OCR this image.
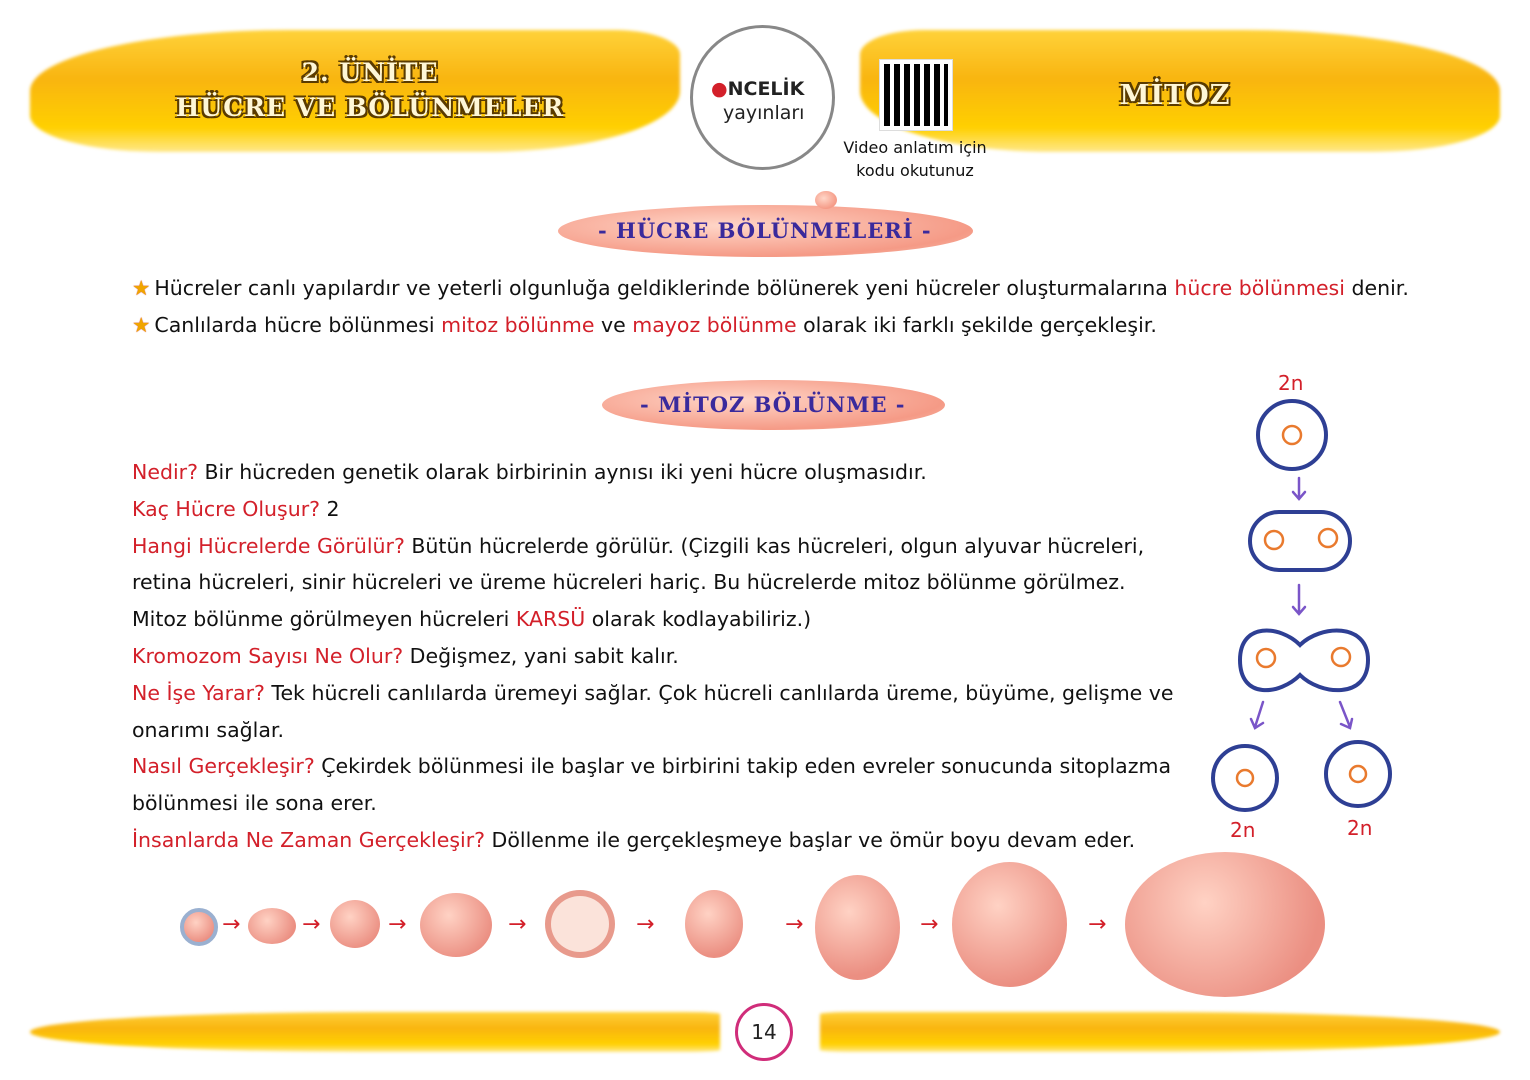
2. ÜNİTE
HÜCRE VE BÖLÜNMELER	MİTOZ
●NCELİK
yayınları
Video anlatım için
kodu okutunuz
- HÜCRE BÖLÜNMELERİ -
★ Hücreler canlı yapılardır ve yeterli olgunluğa geldiklerinde bölünerek yeni hücreler oluşturmalarına hücre bölünmesi denir.
★ Canlılarda hücre bölünmesi mitoz bölünme ve mayoz bölünme olarak iki farklı şekilde gerçekleşir.
- MİTOZ BÖLÜNME -
Nedir? Bir hücreden genetik olarak birbirinin aynısı iki yeni hücre oluşmasıdır.
Kaç Hücre Oluşur? 2
Hangi Hücrelerde Görülür? Bütün hücrelerde görülür. (Çizgili kas hücreleri, olgun alyuvar hücreleri,
retina hücreleri, sinir hücreleri ve üreme hücreleri hariç. Bu hücrelerde mitoz bölünme görülmez.
Mitoz bölünme görülmeyen hücreleri KARSÜ olarak kodlayabiliriz.)
Kromozom Sayısı Ne Olur? Değişmez, yani sabit kalır.
Ne İşe Yarar? Tek hücreli canlılarda üremeyi sağlar. Çok hücreli canlılarda üreme, büyüme, gelişme ve
onarımı sağlar.
Nasıl Gerçekleşir? Çekirdek bölünmesi ile başlar ve birbirini takip eden evreler sonucunda sitoplazma
bölünmesi ile sona erer.
İnsanlarda Ne Zaman Gerçekleşir? Döllenme ile gerçekleşmeye başlar ve ömür boyu devam eder.
2n
2n	2n
→	→	→	→	→	→	→	→
14
